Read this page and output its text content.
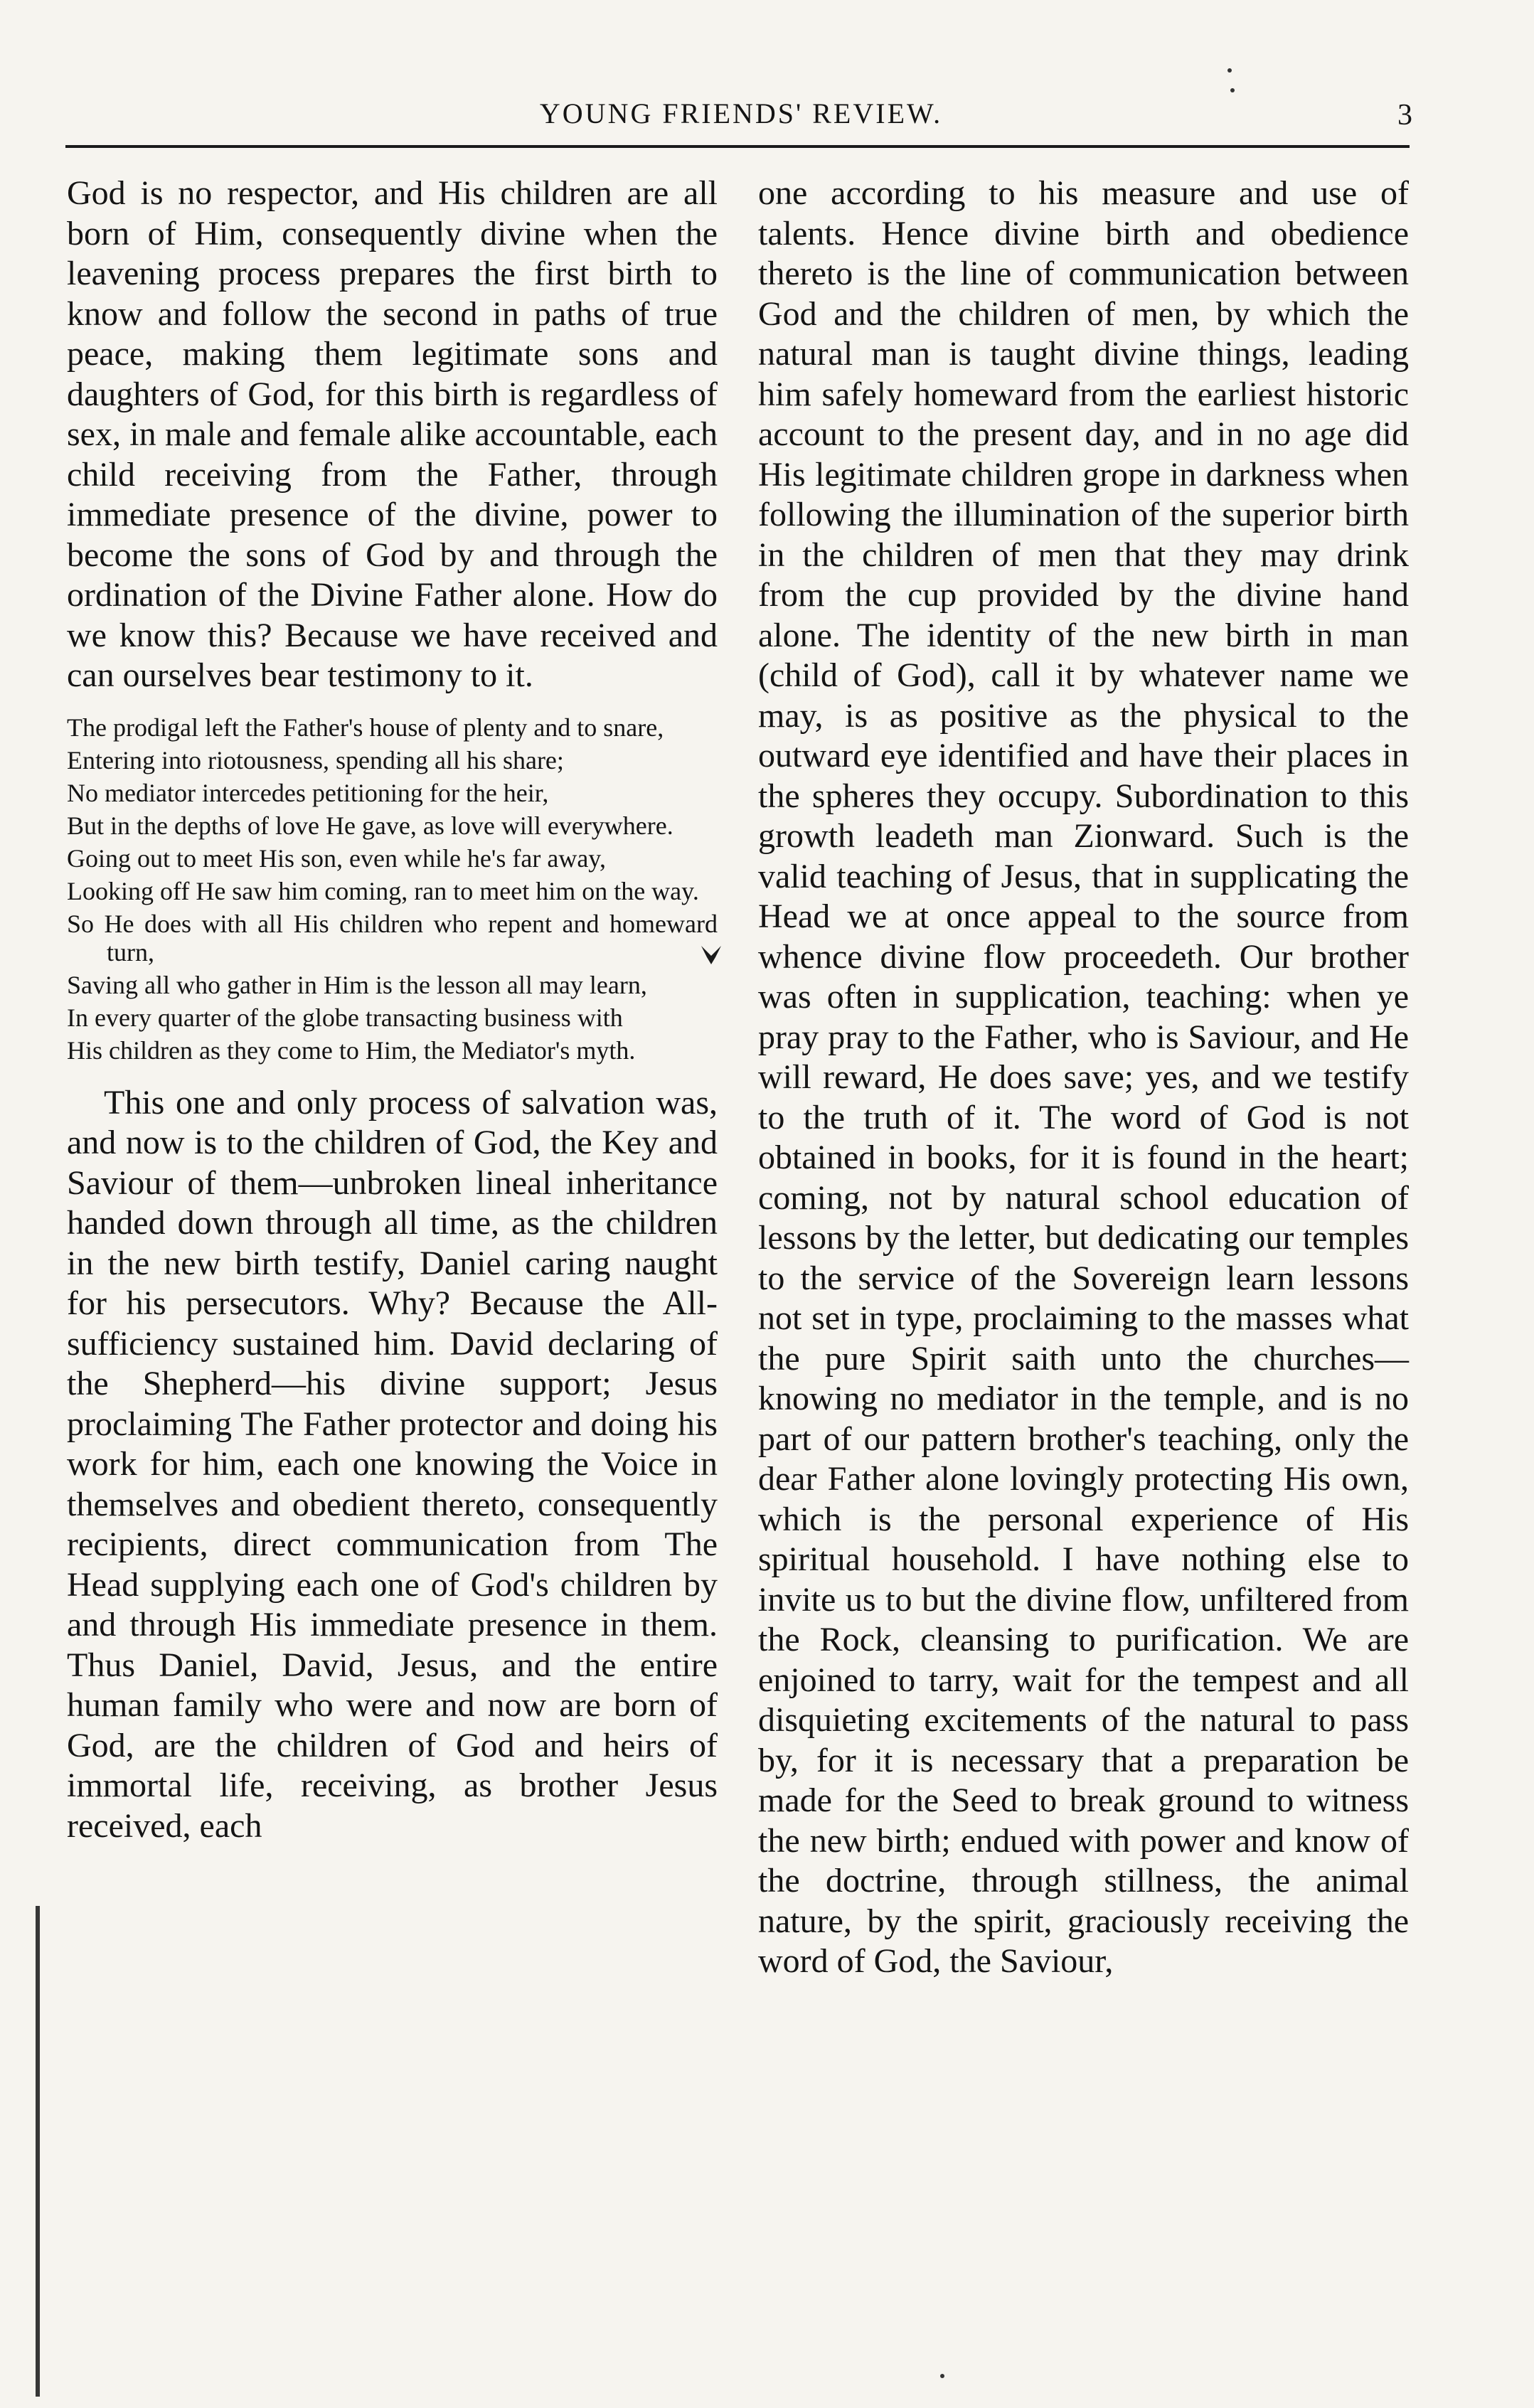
YOUNG FRIENDS' REVIEW.	3

God is no respector, and His children are all born of Him, consequently divine when the leavening process prepares the first birth to know and follow the second in paths of true peace, making them legitimate sons and daughters of God, for this birth is regardless of sex, in male and female alike accountable, each child receiving from the Father, through immediate presence of the divine, power to become the sons of God by and through the ordination of the Divine Father alone. How do we know this? Because we have received and can ourselves bear testimony to it.

The prodigal left the Father's house of plenty and to snare,
Entering into riotousness, spending all his share;
No mediator intercedes petitioning for the heir,
But in the depths of love He gave, as love will everywhere.
Going out to meet His son, even while he's far away,
Looking off He saw him coming, ran to meet him on the way.
So He does with all His children who repent and homeward turn,
Saving all who gather in Him is the lesson all may learn,
In every quarter of the globe transacting business with
His children as they come to Him, the Mediator's myth.

This one and only process of salvation was, and now is to the children of God, the Key and Saviour of them—unbroken lineal inheritance handed down through all time, as the children in the new birth testify, Daniel caring naught for his persecutors. Why? Because the All-sufficiency sustained him. David declaring of the Shepherd—his divine support; Jesus proclaiming The Father protector and doing his work for him, each one knowing the Voice in themselves and obedient thereto, consequently recipients, direct communication from The Head supplying each one of God's children by and through His immediate presence in them. Thus Daniel, David, Jesus, and the entire human family who were and now are born of God, are the children of God and heirs of immortal life, receiving, as brother Jesus received, each

one according to his measure and use of talents. Hence divine birth and obedience thereto is the line of communication between God and the children of men, by which the natural man is taught divine things, leading him safely homeward from the earliest historic account to the present day, and in no age did His legitimate children grope in darkness when following the illumination of the superior birth in the children of men that they may drink from the cup provided by the divine hand alone. The identity of the new birth in man (child of God), call it by whatever name we may, is as positive as the physical to the outward eye identified and have their places in the spheres they occupy. Subordination to this growth leadeth man Zionward. Such is the valid teaching of Jesus, that in supplicating the Head we at once appeal to the source from whence divine flow proceedeth. Our brother was often in supplication, teaching: when ye pray pray to the Father, who is Saviour, and He will reward, He does save; yes, and we testify to the truth of it. The word of God is not obtained in books, for it is found in the heart; coming, not by natural school education of lessons by the letter, but dedicating our temples to the service of the Sovereign learn lessons not set in type, proclaiming to the masses what the pure Spirit saith unto the churches—knowing no mediator in the temple, and is no part of our pattern brother's teaching, only the dear Father alone lovingly protecting His own, which is the personal experience of His spiritual household. I have nothing else to invite us to but the divine flow, unfiltered from the Rock, cleansing to purification. We are enjoined to tarry, wait for the tempest and all disquieting excitements of the natural to pass by, for it is necessary that a preparation be made for the Seed to break ground to witness the new birth; endued with power and know of the doctrine, through stillness, the animal nature, by the spirit, graciously receiving the word of God, the Saviour,
